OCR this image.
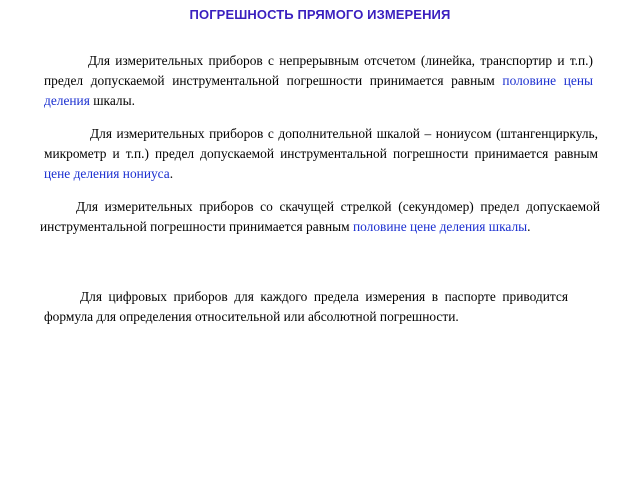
ПОГРЕШНОСТЬ ПРЯМОГО ИЗМЕРЕНИЯ

Для измерительных приборов с непрерывным отсчетом (линейка, транспортир и т.п.) предел допускаемой инструментальной погрешности принимается равным половине цены деления шкалы.

Для измерительных приборов с дополнительной шкалой – нониусом (штангенциркуль, микрометр и т.п.) предел допускаемой инструментальной погрешности принимается равным цене деления нониуса.

Для измерительных приборов со скачущей стрелкой (секундомер) предел допускаемой инструментальной погрешности принимается равным половине цене деления шкалы.

Для цифровых приборов для каждого предела измерения в паспорте приводится формула для определения относительной или абсолютной погрешности.
